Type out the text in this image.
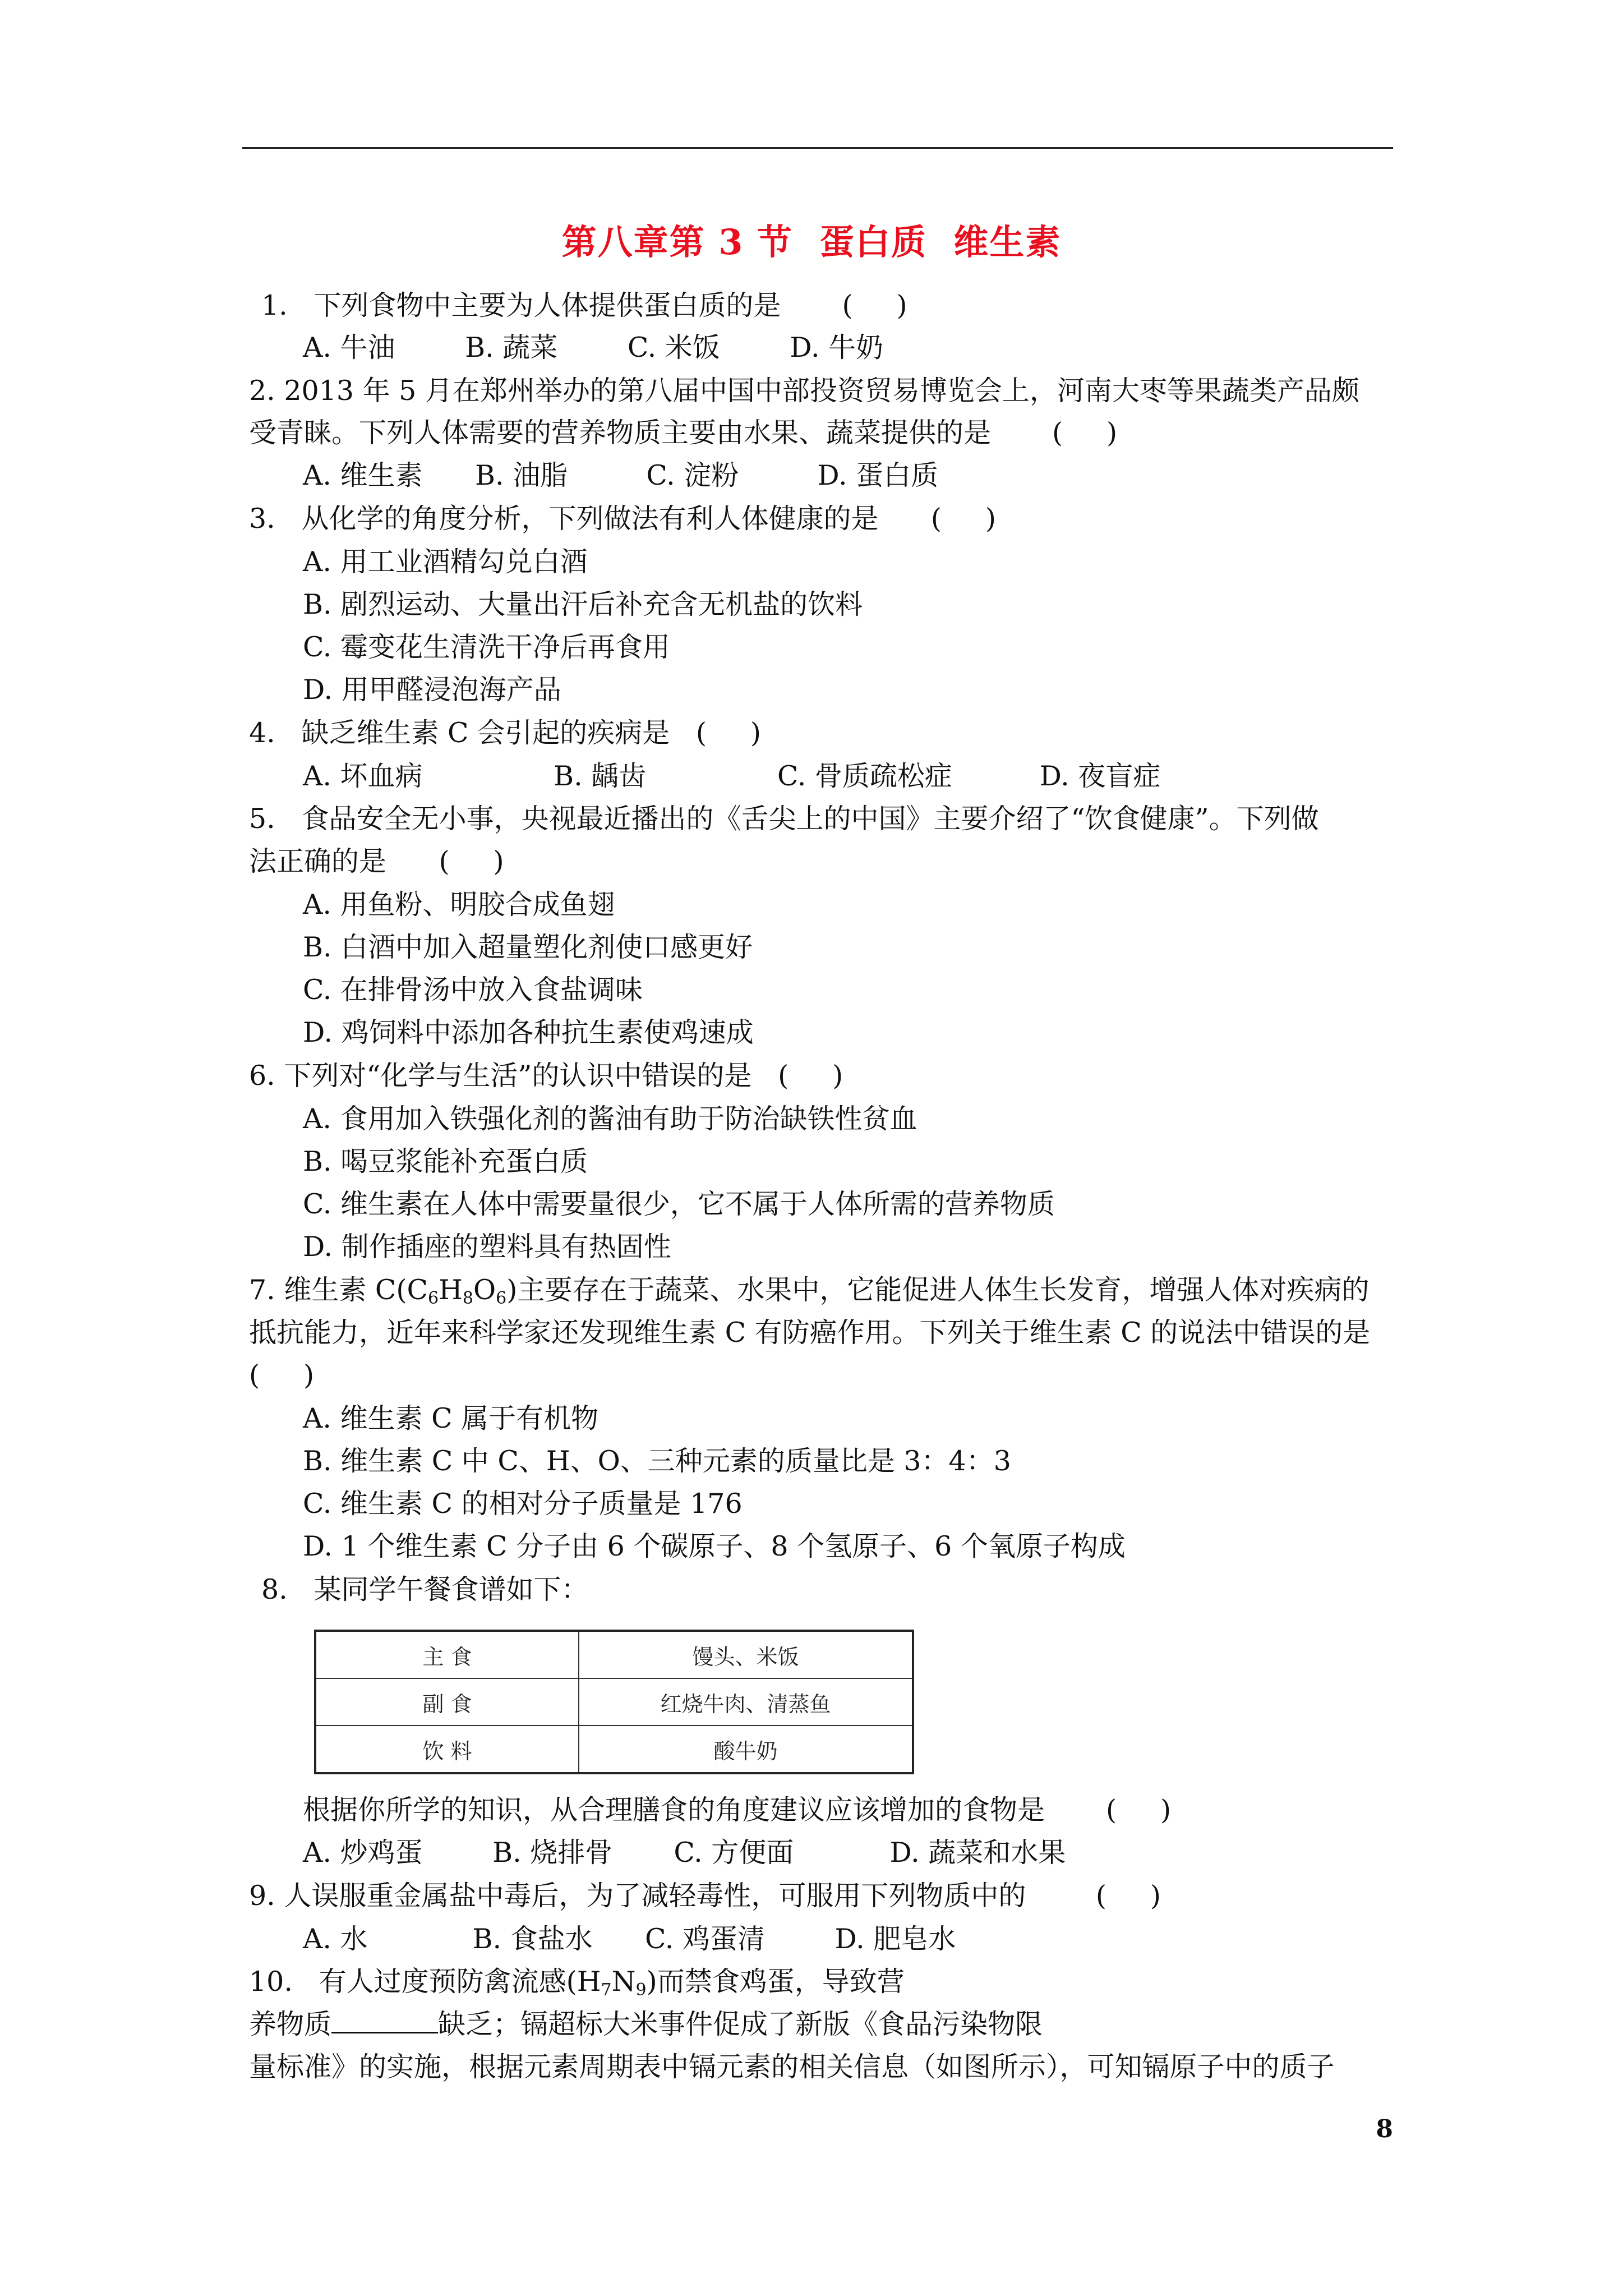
第八章第 3 节  蛋白质  维生素
1.   下列食物中主要为人体提供蛋白质的是       (     )
A. 牛油        B. 蔬菜        C. 米饭        D. 牛奶
2. 2013 年 5 月在郑州举办的第八届中国中部投资贸易博览会上，河南大枣等果蔬类产品颇
受青睐。下列人体需要的营养物质主要由水果、蔬菜提供的是       (     )
A. 维生素      B. 油脂         C. 淀粉         D. 蛋白质
3.   从化学的角度分析，下列做法有利人体健康的是      (     )
A. 用工业酒精勾兑白酒
B. 剧烈运动、大量出汗后补充含无机盐的饮料
C. 霉变花生清洗干净后再食用
D. 用甲醛浸泡海产品
4.   缺乏维生素 C 会引起的疾病是   (     )
A. 坏血病               B. 龋齿               C. 骨质疏松症          D. 夜盲症
5.   食品安全无小事，央视最近播出的《舌尖上的中国》主要介绍了“饮食健康”。下列做
法正确的是      (     )
A. 用鱼粉、明胶合成鱼翅
B. 白酒中加入超量塑化剂使口感更好
C. 在排骨汤中放入食盐调味
D. 鸡饲料中添加各种抗生素使鸡速成
6. 下列对“化学与生活”的认识中错误的是   (     )
A. 食用加入铁强化剂的酱油有助于防治缺铁性贫血
B. 喝豆浆能补充蛋白质
C. 维生素在人体中需要量很少，它不属于人体所需的营养物质
D. 制作插座的塑料具有热固性
7. 维生素 $C(C_6H_8O_6)$主要存在于蔬菜、水果中，它能促进人体生长发育，增强人体对疾病的
抵抗能力，近年来科学家还发现维生素 C 有防癌作用。下列关于维生素 C 的说法中错误的是
(     )
A. 维生素 C 属于有机物
B. 维生素 C 中 C、H、O、三种元素的质量比是 3：4：3
C. 维生素 C 的相对分子质量是 176
D. 1 个维生素 C 分子由 6 个碳原子、8 个氢原子、6 个氧原子构成
8.   某同学午餐食谱如下：
主 食	馒头、米饭
副 食	红烧牛肉、清蒸鱼
饮 料	酸牛奶
根据你所学的知识，从合理膳食的角度建议应该增加的食物是       (     )
A. 炒鸡蛋        B. 烧排骨       C. 方便面           D. 蔬菜和水果
9. 人误服重金属盐中毒后，为了减轻毒性，可服用下列物质中的        (     )
A. 水            B. 食盐水      C. 鸡蛋清        D. 肥皂水
10.   有人过度预防禽流感$(H_7N_9)$而禁食鸡蛋，导致营
养物质	缺乏；镉超标大米事件促成了新版《食品污染物限
量标准》的实施，根据元素周期表中镉元素的相关信息（如图所示），可知镉原子中的质子
8
